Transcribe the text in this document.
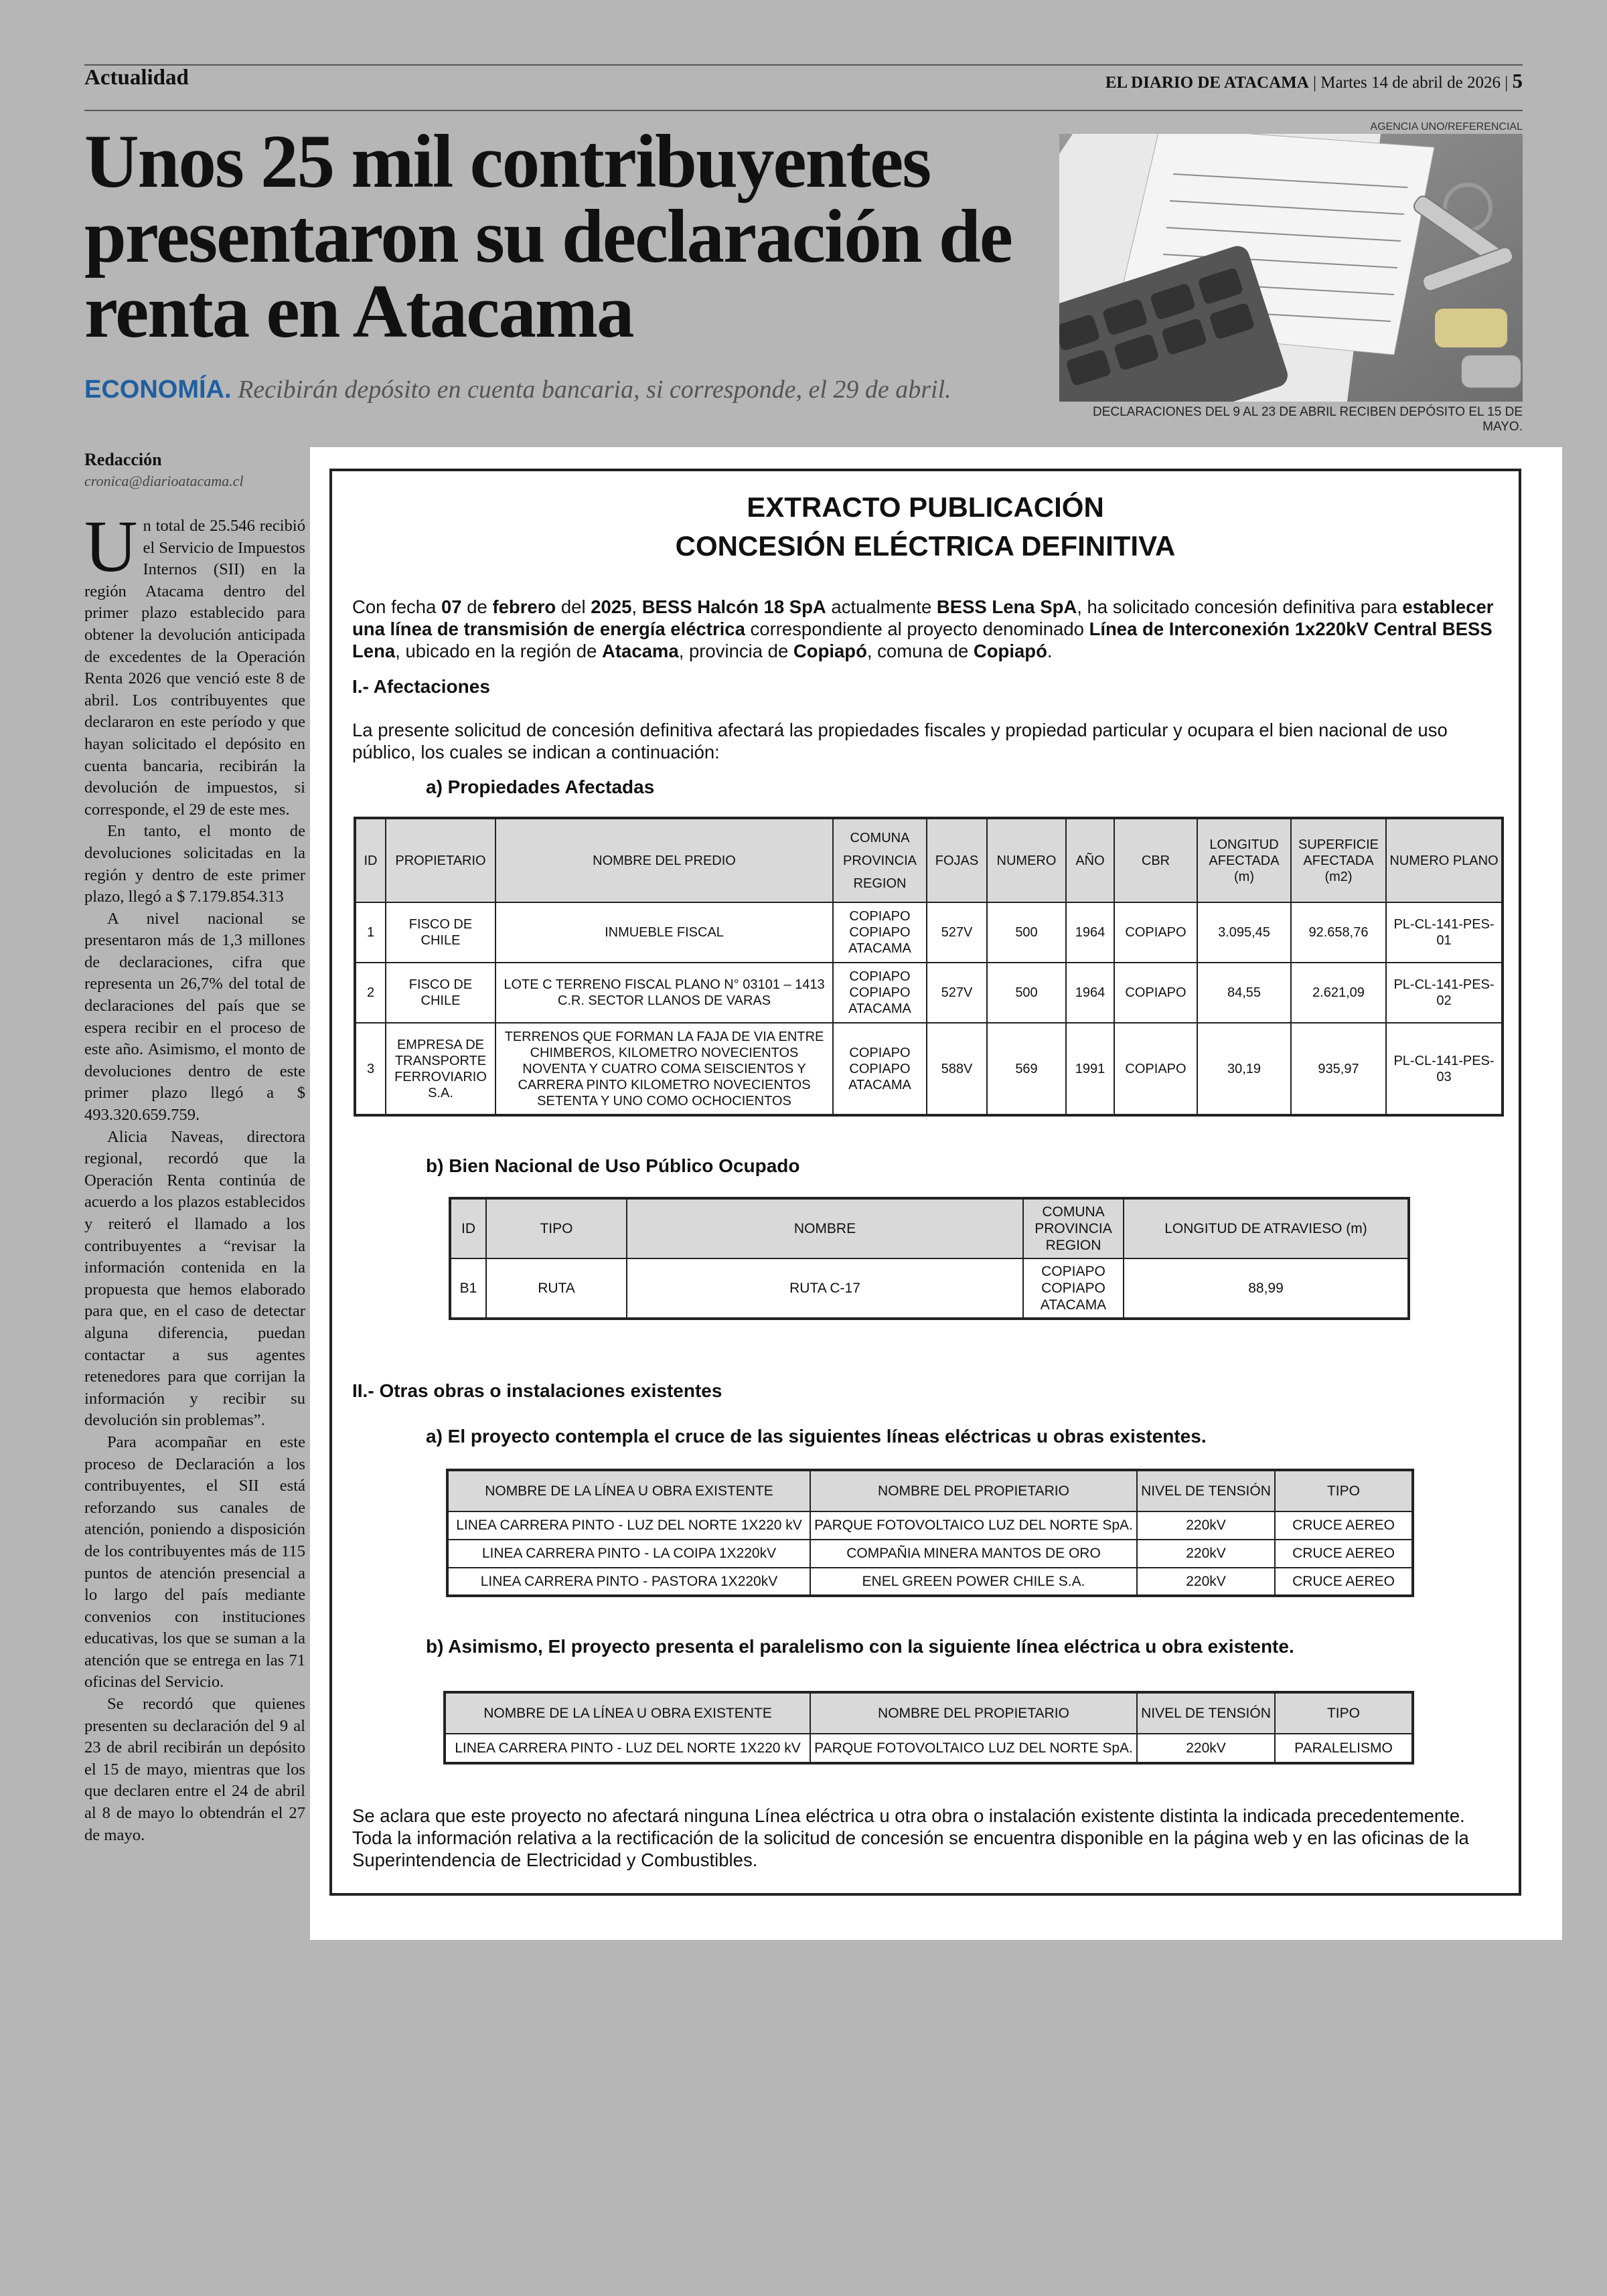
Actualidad	EL DIARIO DE ATACAMA | Martes 14 de abril de 2026 | 5
Unos 25 mil contribuyentes presentaron su declaración de renta en Atacama
ECONOMÍA. Recibirán depósito en cuenta bancaria, si corresponde, el 29 de abril.
AGENCIA UNO/REFERENCIAL
DECLARACIONES DEL 9 AL 23 DE ABRIL RECIBEN DEPÓSITO EL 15 DE MAYO.
Redacción
cronica@diarioatacama.cl

Un total de 25.546 recibió el Servicio de Impuestos Internos (SII) en la región Atacama dentro del primer plazo establecido para obtener la devolución anticipada de excedentes de la Operación Renta 2026 que venció este 8 de abril. Los contribuyentes que declararon en este período y que hayan solicitado el depósito en cuenta bancaria, recibirán la devolución de impuestos, si corresponde, el 29 de este mes.

En tanto, el monto de devoluciones solicitadas en la región y dentro de este primer plazo, llegó a $ 7.179.854.313

A nivel nacional se presentaron más de 1,3 millones de declaraciones, cifra que representa un 26,7% del total de declaraciones del país que se espera recibir en el proceso de este año. Asimismo, el monto de devoluciones dentro de este primer plazo llegó a $ 493.320.659.759.

Alicia Naveas, directora regional, recordó que la Operación Renta continúa de acuerdo a los plazos establecidos y reiteró el llamado a los contribuyentes a “revisar la información contenida en la propuesta que hemos elaborado para que, en el caso de detectar alguna diferencia, puedan contactar a sus agentes retenedores para que corrijan la información y recibir su devolución sin problemas”.

Para acompañar en este proceso de Declaración a los contribuyentes, el SII está reforzando sus canales de atención, poniendo a disposición de los contribuyentes más de 115 puntos de atención presencial a lo largo del país mediante convenios con instituciones educativas, los que se suman a la atención que se entrega en las 71 oficinas del Servicio.

Se recordó que quienes presenten su declaración del 9 al 23 de abril recibirán un depósito el 15 de mayo, mientras que los que declaren entre el 24 de abril al 8 de mayo lo obtendrán el 27 de mayo.

EXTRACTO PUBLICACIÓN
CONCESIÓN ELÉCTRICA DEFINITIVA
Con fecha 07 de febrero del 2025, BESS Halcón 18 SpA actualmente BESS Lena SpA, ha solicitado concesión definitiva para establecer una línea de transmisión de energía eléctrica correspondiente al proyecto denominado Línea de Interconexión 1x220kV Central BESS Lena, ubicado en la región de Atacama, provincia de Copiapó, comuna de Copiapó.
I.- Afectaciones
La presente solicitud de concesión definitiva afectará las propiedades fiscales y propiedad particular y ocupara el bien nacional de uso público, los cuales se indican a continuación:
a) Propiedades Afectadas
ID	PROPIETARIO	NOMBRE DEL PREDIO	COMUNA PROVINCIA REGION	FOJAS	NUMERO	AÑO	CBR	LONGITUD AFECTADA (m)	SUPERFICIE AFECTADA (m2)	NUMERO PLANO
1	FISCO DE CHILE	INMUEBLE FISCAL	COPIAPO COPIAPO ATACAMA	527V	500	1964	COPIAPO	3.095,45	92.658,76	PL-CL-141-PES-01
2	FISCO DE CHILE	LOTE C TERRENO FISCAL PLANO N° 03101 – 1413 C.R. SECTOR LLANOS DE VARAS	COPIAPO COPIAPO ATACAMA	527V	500	1964	COPIAPO	84,55	2.621,09	PL-CL-141-PES-02
3	EMPRESA DE TRANSPORTE FERROVIARIO S.A.	TERRENOS QUE FORMAN LA FAJA DE VIA ENTRE CHIMBEROS, KILOMETRO NOVECIENTOS NOVENTA Y CUATRO COMA SEISCIENTOS Y CARRERA PINTO KILOMETRO NOVECIENTOS SETENTA Y UNO COMO OCHOCIENTOS	COPIAPO COPIAPO ATACAMA	588V	569	1991	COPIAPO	30,19	935,97	PL-CL-141-PES-03
b) Bien Nacional de Uso Público Ocupado
ID	TIPO	NOMBRE	COMUNA PROVINCIA REGION	LONGITUD DE ATRAVIESO (m)
B1	RUTA	RUTA C-17	COPIAPO COPIAPO ATACAMA	88,99
II.- Otras obras o instalaciones existentes
a) El proyecto contempla el cruce de las siguientes líneas eléctricas u obras existentes.
NOMBRE DE LA LÍNEA U OBRA EXISTENTE	NOMBRE DEL PROPIETARIO	NIVEL DE TENSIÓN	TIPO
LINEA CARRERA PINTO - LUZ DEL NORTE 1X220 kV	PARQUE FOTOVOLTAICO LUZ DEL NORTE SpA.	220kV	CRUCE AEREO
LINEA CARRERA PINTO - LA COIPA 1X220kV	COMPAÑIA MINERA MANTOS DE ORO	220kV	CRUCE AEREO
LINEA CARRERA PINTO - PASTORA 1X220kV	ENEL GREEN POWER CHILE S.A.	220kV	CRUCE AEREO
b) Asimismo, El proyecto presenta el paralelismo con la siguiente línea eléctrica u obra existente.
NOMBRE DE LA LÍNEA U OBRA EXISTENTE	NOMBRE DEL PROPIETARIO	NIVEL DE TENSIÓN	TIPO
LINEA CARRERA PINTO - LUZ DEL NORTE 1X220 kV	PARQUE FOTOVOLTAICO LUZ DEL NORTE SpA.	220kV	PARALELISMO
Se aclara que este proyecto no afectará ninguna Línea eléctrica u otra obra o instalación existente distinta la indicada precedentemente. Toda la información relativa a la rectificación de la solicitud de concesión se encuentra disponible en la página web y en las oficinas de la Superintendencia de Electricidad y Combustibles.
